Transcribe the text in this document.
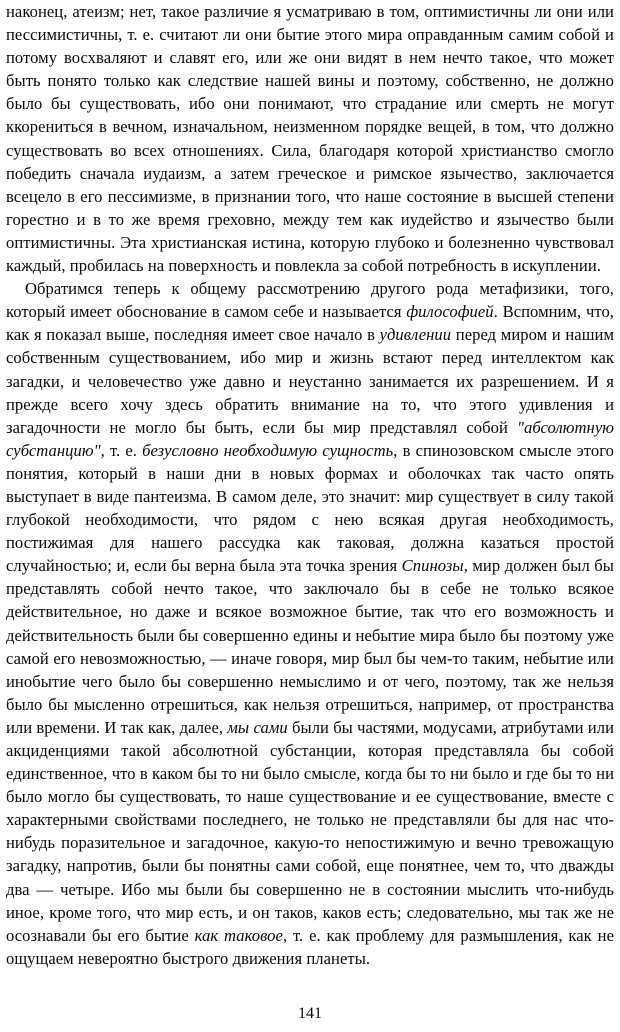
наконец, атеизм; нет, такое различие я усматриваю в том, оптимистичны ли они или пессимистичны, т. е. считают ли они бытие этого мира оправданным самим собой и потому восхваляют и славят его, или же они видят в нем нечто такое, что может быть понято только как следствие нашей вины и поэтому, собственно, не должно было бы существовать, ибо они понимают, что страдание или смерть не могут ккорениться в вечном, изначальном, неизменном порядке вещей, в том, что должно существовать во всех отношениях. Сила, благодаря которой христианство смогло победить сначала иудаизм, а затем греческое и римское язычество, заключается всецело в его пессимизме, в признании того, что наше состояние в высшей степени горестно и в то же время греховно, между тем как иудейство и язычество были оптимистичны. Эта христианская истина, которую глубоко и болезненно чувствовал каждый, пробилась на поверхность и повлекла за собой потребность в искуплении.

Обратимся теперь к общему рассмотрению другого рода метафизики, того, который имеет обоснование в самом себе и называется философией. Вспомним, что, как я показал выше, последняя имеет свое начало в удивлении перед миром и нашим собственным существованием, ибо мир и жизнь встают перед интеллектом как загадки, и человечество уже давно и неустанно занимается их разрешением. И я прежде всего хочу здесь обратить внимание на то, что этого удивления и загадочности не могло бы быть, если бы мир представлял собой "абсолютную субстанцию", т. е. безусловно необходимую сущность, в спинозовском смысле этого понятия, который в наши дни в новых формах и оболочках так часто опять выступает в виде пантеизма. В самом деле, это значит: мир существует в силу такой глубокой необходимости, что рядом с нею всякая другая необходимость, постижимая для нашего рассудка как таковая, должна казаться простой случайностью; и, если бы верна была эта точка зрения Спинозы, мир должен был бы представлять собой нечто такое, что заключало бы в себе не только всякое действительное, но даже и всякое возможное бытие, так что его возможность и действительность были бы совершенно едины и небытие мира было бы поэтому уже самой его невозможностью, — иначе говоря, мир был бы чем-то таким, небытие или инобытие чего было бы совершенно немыслимо и от чего, поэтому, так же нельзя было бы мысленно отрешиться, как нельзя отрешиться, например, от пространства или времени. И так как, далее, мы сами были бы частями, модусами, атрибутами или акциденциями такой абсолютной субстанции, которая представляла бы собой единственное, что в каком бы то ни было смысле, когда бы то ни было и где бы то ни было могло бы существовать, то наше существование и ее существование, вместе с характерными свойствами последнего, не только не представляли бы для нас что-нибудь поразительное и загадочное, какую-то непостижимую и вечно тревожащую загадку, напротив, были бы понятны сами собой, еще понятнее, чем то, что дважды два — четыре. Ибо мы были бы совершенно не в состоянии мыслить что-нибудь иное, кроме того, что мир есть, и он таков, каков есть; следовательно, мы так же не осознавали бы его бытие как таковое, т. е. как проблему для размышления, как не ощущаем невероятно быстрого движения планеты.

141
